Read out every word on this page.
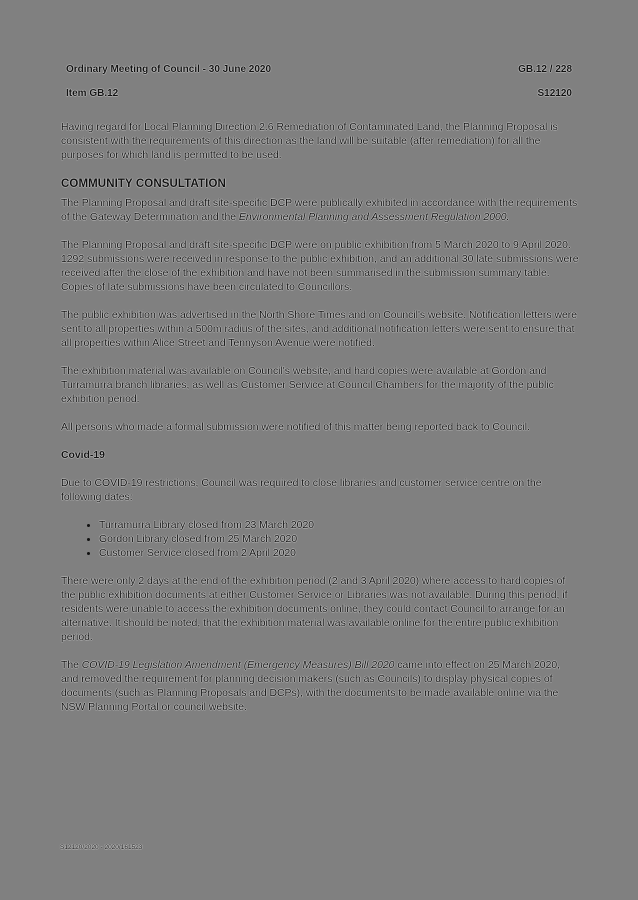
Ordinary Meeting of Council - 30 June 2020	GB.12 / 228
Item GB.12	S12120

Having regard for Local Planning Direction 2.6 Remediation of Contaminated Land, the Planning Proposal is consistent with the requirements of this direction as the land will be suitable (after remediation) for all the purposes for which land is permitted to be used.

COMMUNITY CONSULTATION

The Planning Proposal and draft site-specific DCP were publically exhibited in accordance with the requirements of the Gateway Determination and the Environmental Planning and Assessment Regulation 2000.

The Planning Proposal and draft site-specific DCP were on public exhibition from 5 March 2020 to 9 April 2020. 1292 submissions were received in response to the public exhibition, and an additional 30 late submissions were received after the close of the exhibition and have not been summarised in the submission summary table. Copies of late submissions have been circulated to Councillors.

The public exhibition was advertised in the North Shore Times and on Council's website. Notification letters were sent to all properties within a 500m radius of the sites, and additional notification letters were sent to ensure that all properties within Alice Street and Tennyson Avenue were notified.

The exhibition material was available on Council's website, and hard copies were available at Gordon and Turramurra branch libraries, as well as Customer Service at Council Chambers for the majority of the public exhibition period.

All persons who made a formal submission were notified of this matter being reported back to Council.

Covid-19

Due to COVID-19 restrictions, Council was required to close libraries and customer service centre on the following dates:

• Turramurra Library closed from 23 March 2020
• Gordon Library closed from 25 March 2020
• Customer Service closed from 2 April 2020

There were only 2 days at the end of the exhibition period (2 and 3 April 2020) where access to hard copies of the public exhibition documents at either Customer Service or Libraries was not available. During this period, if residents were unable to access the exhibition documents online, they could contact Council to arrange for an alternative. It should be noted, that the exhibition material was available online for the entire public exhibition period.

The COVID-19 Legislation Amendment (Emergency Measures) Bill 2020 came into effect on 25 March 2020, and removed the requirement for planning decision makers (such as Councils) to display physical copies of documents (such as Planning Proposals and DCPs), with the documents to be made available online via the NSW Planning Portal or council website.

S12120/2020 - 2020/161523
